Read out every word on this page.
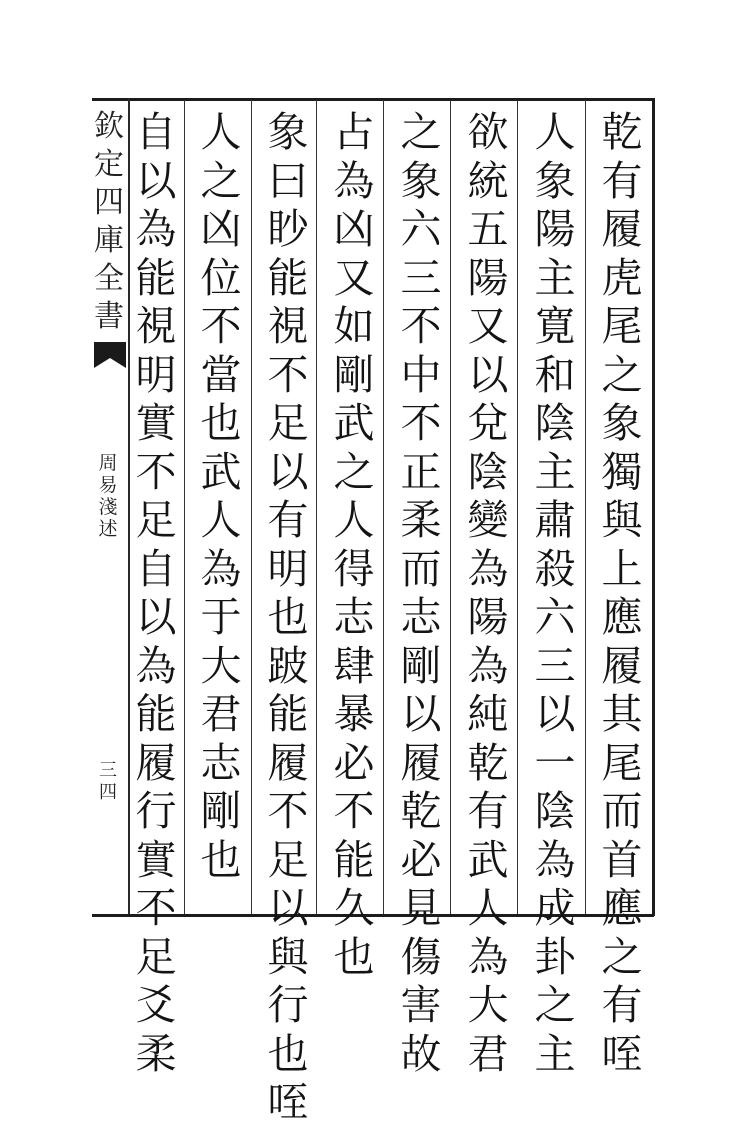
欽定四庫全書
周易淺述
三四
乾有履虎尾之象獨與上應履其尾而首應之有咥
人象陽主寛和陰主肅殺六三以一陰為成卦之主
欲統五陽又以兌陰變為陽為純乾有武人為大君
之象六三不中不正柔而志剛以履乾必見傷害故
占為凶又如剛武之人得志肆暴必不能久也
象曰眇能視不足以有明也跛能履不足以與行也咥
人之凶位不當也武人為于大君志剛也
自以為能視明實不足自以為能履行實不足爻柔
